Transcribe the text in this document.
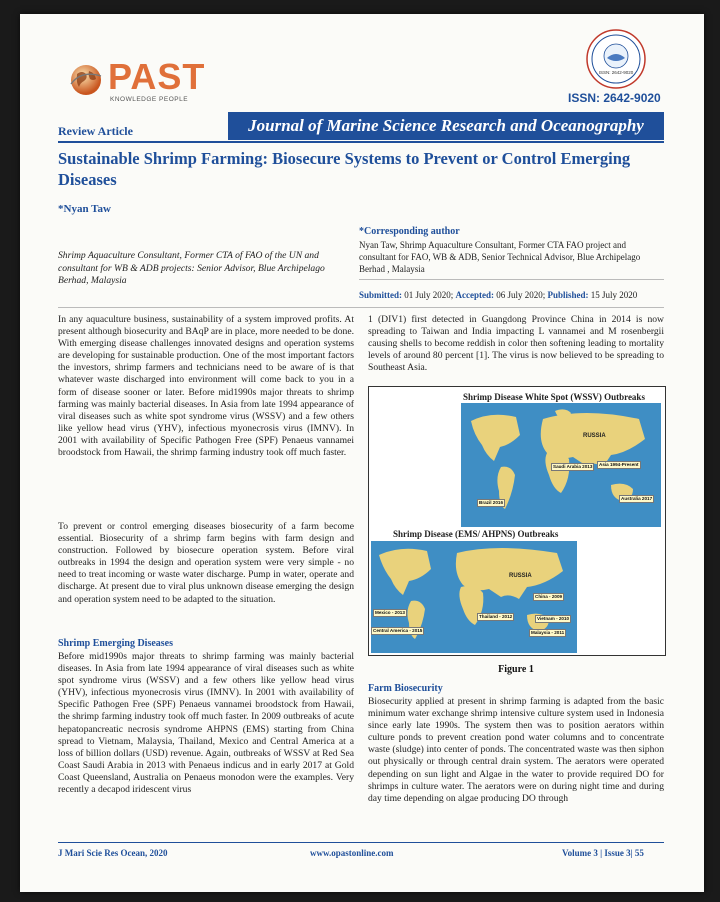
PAST
KNOWLEDGE PEOPLE
ISSN: 2642-9020
ISSN: 2642-9020
Review Article	Journal of Marine Science Research and Oceanography
Sustainable Shrimp Farming: Biosecure Systems to Prevent or Control Emerging Diseases
*Nyan Taw
Shrimp Aquaculture Consultant, Former CTA of FAO of the UN and consultant for WB & ADB projects: Senior Advisor, Blue Archipelago Berhad, Malaysia
*Corresponding author
Nyan Taw, Shrimp Aquaculture Consultant, Former CTA FAO project and consultant for FAO, WB & ADB, Senior Technical Advisor, Blue Archipelago Berhad , Malaysia
Submitted: 01 July 2020; Accepted: 06 July 2020; Published: 15 July 2020
In any aquaculture business, sustainability of a system improved profits. At present although biosecurity and BAqP are in place, more needed to be done. With emerging disease challenges innovated designs and operation systems are developing for sustainable production. One of the most important factors the investors, shrimp farmers and technicians need to be aware of is that whatever waste discharged into environment will come back to you in a form of disease sooner or later. Before mid1990s major threats to shrimp farming was mainly bacterial diseases. In Asia from late 1994 appearance of viral diseases such as white spot syndrome virus (WSSV) and a few others like yellow head virus (YHV), infectious myonecrosis virus (IMNV). In 2001 with availability of Specific Pathogen Free (SPF) Penaeus vannamei broodstock from Hawaii, the shrimp farming industry took off much faster.
To prevent or control emerging diseases biosecurity of a farm become essential. Biosecurity of a shrimp farm begins with farm design and construction. Followed by biosecure operation system. Before viral outbreaks in 1994 the design and operation system were very simple - no need to treat incoming or waste water discharge. Pump in water, operate and discharge. At present due to viral plus unknown disease emerging the design and operation system need to be adapted to the situation.
Shrimp Emerging Diseases
Before mid1990s major threats to shrimp farming was mainly bacterial diseases. In Asia from late 1994 appearance of viral diseases such as white spot syndrome virus (WSSV) and a few others like yellow head virus (YHV), infectious myonecrosis virus (IMNV). In 2001 with availability of Specific Pathogen Free (SPF) Penaeus vannamei broodstock from Hawaii, the shrimp farming industry took off much faster. In 2009 outbreaks of acute hepatopancreatic necrosis syndrome AHPNS (EMS) starting from China spread to Vietnam, Malaysia, Thailand, Mexico and Central America at a loss of billion dollars (USD) revenue. Again, outbreaks of WSSV at Red Sea Coast Saudi Arabia in 2013 with Penaeus indicus and in early 2017 at Gold Coast Queensland, Australia on Penaeus monodon were the examples. Very recently a decapod iridescent virus
1 (DIV1) first detected in Guangdong Province China in 2014 is now spreading to Taiwan and India impacting L vannamei and M rosenbergii causing shells to become reddish in color then softening leading to mortality levels of around 80 percent [1]. The virus is now believed to be spreading to Southeast Asia.
Shrimp Disease White Spot (WSSV) Outbreaks
RUSSIA
Saudi Arabia 2013	Asia 1994-Present
Brazil 2016
Australia 2017
Shrimp Disease (EMS/ AHPNS) Outbreaks
RUSSIA
China - 2009
Mexico - 2013
Thailand - 2012	Vietnam - 2010
Central America - 2015	Malaysia - 2011
Figure 1
Farm Biosecurity
Biosecurity applied at present in shrimp farming is adapted from the basic minimum water exchange shrimp intensive culture system used in Indonesia since early late 1990s. The system then was to position aerators within culture ponds to prevent creation pond water columns and to concentrate waste (sludge) into center of ponds. The concentrated waste was then siphon out physically or through central drain system. The aerators were operated depending on sun light and Algae in the water to provide required DO for shrimps in culture water. The aerators were on during night time and during day time depending on algae producing DO through
J Mari Scie Res Ocean, 2020	www.opastonline.com	Volume 3 | Issue 3| 55
